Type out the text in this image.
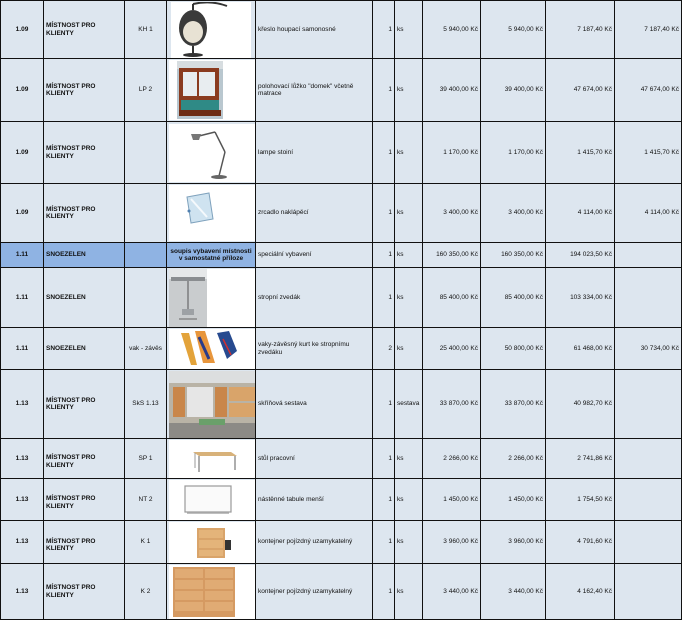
1.09	MÍSTNOST PRO KLIENTY	KH 1		křeslo houpací samonosné	1	ks	5 940,00 Kč	5 940,00 Kč	7 187,40 Kč	7 187,40 Kč
1.09	MÍSTNOST PRO KLIENTY	LP 2		polohovací lůžko "domek" včetně matrace	1	ks	39 400,00 Kč	39 400,00 Kč	47 674,00 Kč	47 674,00 Kč
1.09	MÍSTNOST PRO KLIENTY			lampe stoiní	1	ks	1 170,00 Kč	1 170,00 Kč	1 415,70 Kč	1 415,70 Kč
1.09	MÍSTNOST PRO KLIENTY			zrcadlo naklápěcí	1	ks	3 400,00 Kč	3 400,00 Kč	4 114,00 Kč	4 114,00 Kč
1.11	SNOEZELEN		soupis vybavení místnosti v samostatné příloze	speciální vybavení	1	ks	160 350,00 Kč	160 350,00 Kč	194 023,50 Kč	
1.11	SNOEZELEN			stropní zvedák	1	ks	85 400,00 Kč	85 400,00 Kč	103 334,00 Kč	
1.11	SNOEZELEN	vak - závěs		vaky-závěsný kurt ke stropnímu zvedáku	2	ks	25 400,00 Kč	50 800,00 Kč	61 468,00 Kč	30 734,00 Kč
1.13	MÍSTNOST PRO KLIENTY	SkS 1.13		skříňová sestava	1	sestava	33 870,00 Kč	33 870,00 Kč	40 982,70 Kč	
1.13	MÍSTNOST PRO KLIENTY	SP 1		stůl pracovní	1	ks	2 266,00 Kč	2 266,00 Kč	2 741,86 Kč	
1.13	MÍSTNOST PRO KLIENTY	NT 2		nástěnné tabule menší	1	ks	1 450,00 Kč	1 450,00 Kč	1 754,50 Kč	
1.13	MÍSTNOST PRO KLIENTY	K 1		kontejner pojízdný uzamykatelný	1	ks	3 960,00 Kč	3 960,00 Kč	4 791,60 Kč	
1.13	MÍSTNOST PRO KLIENTY	K 2		kontejner pojízdný uzamykatelný	1	ks	3 440,00 Kč	3 440,00 Kč	4 162,40 Kč	
